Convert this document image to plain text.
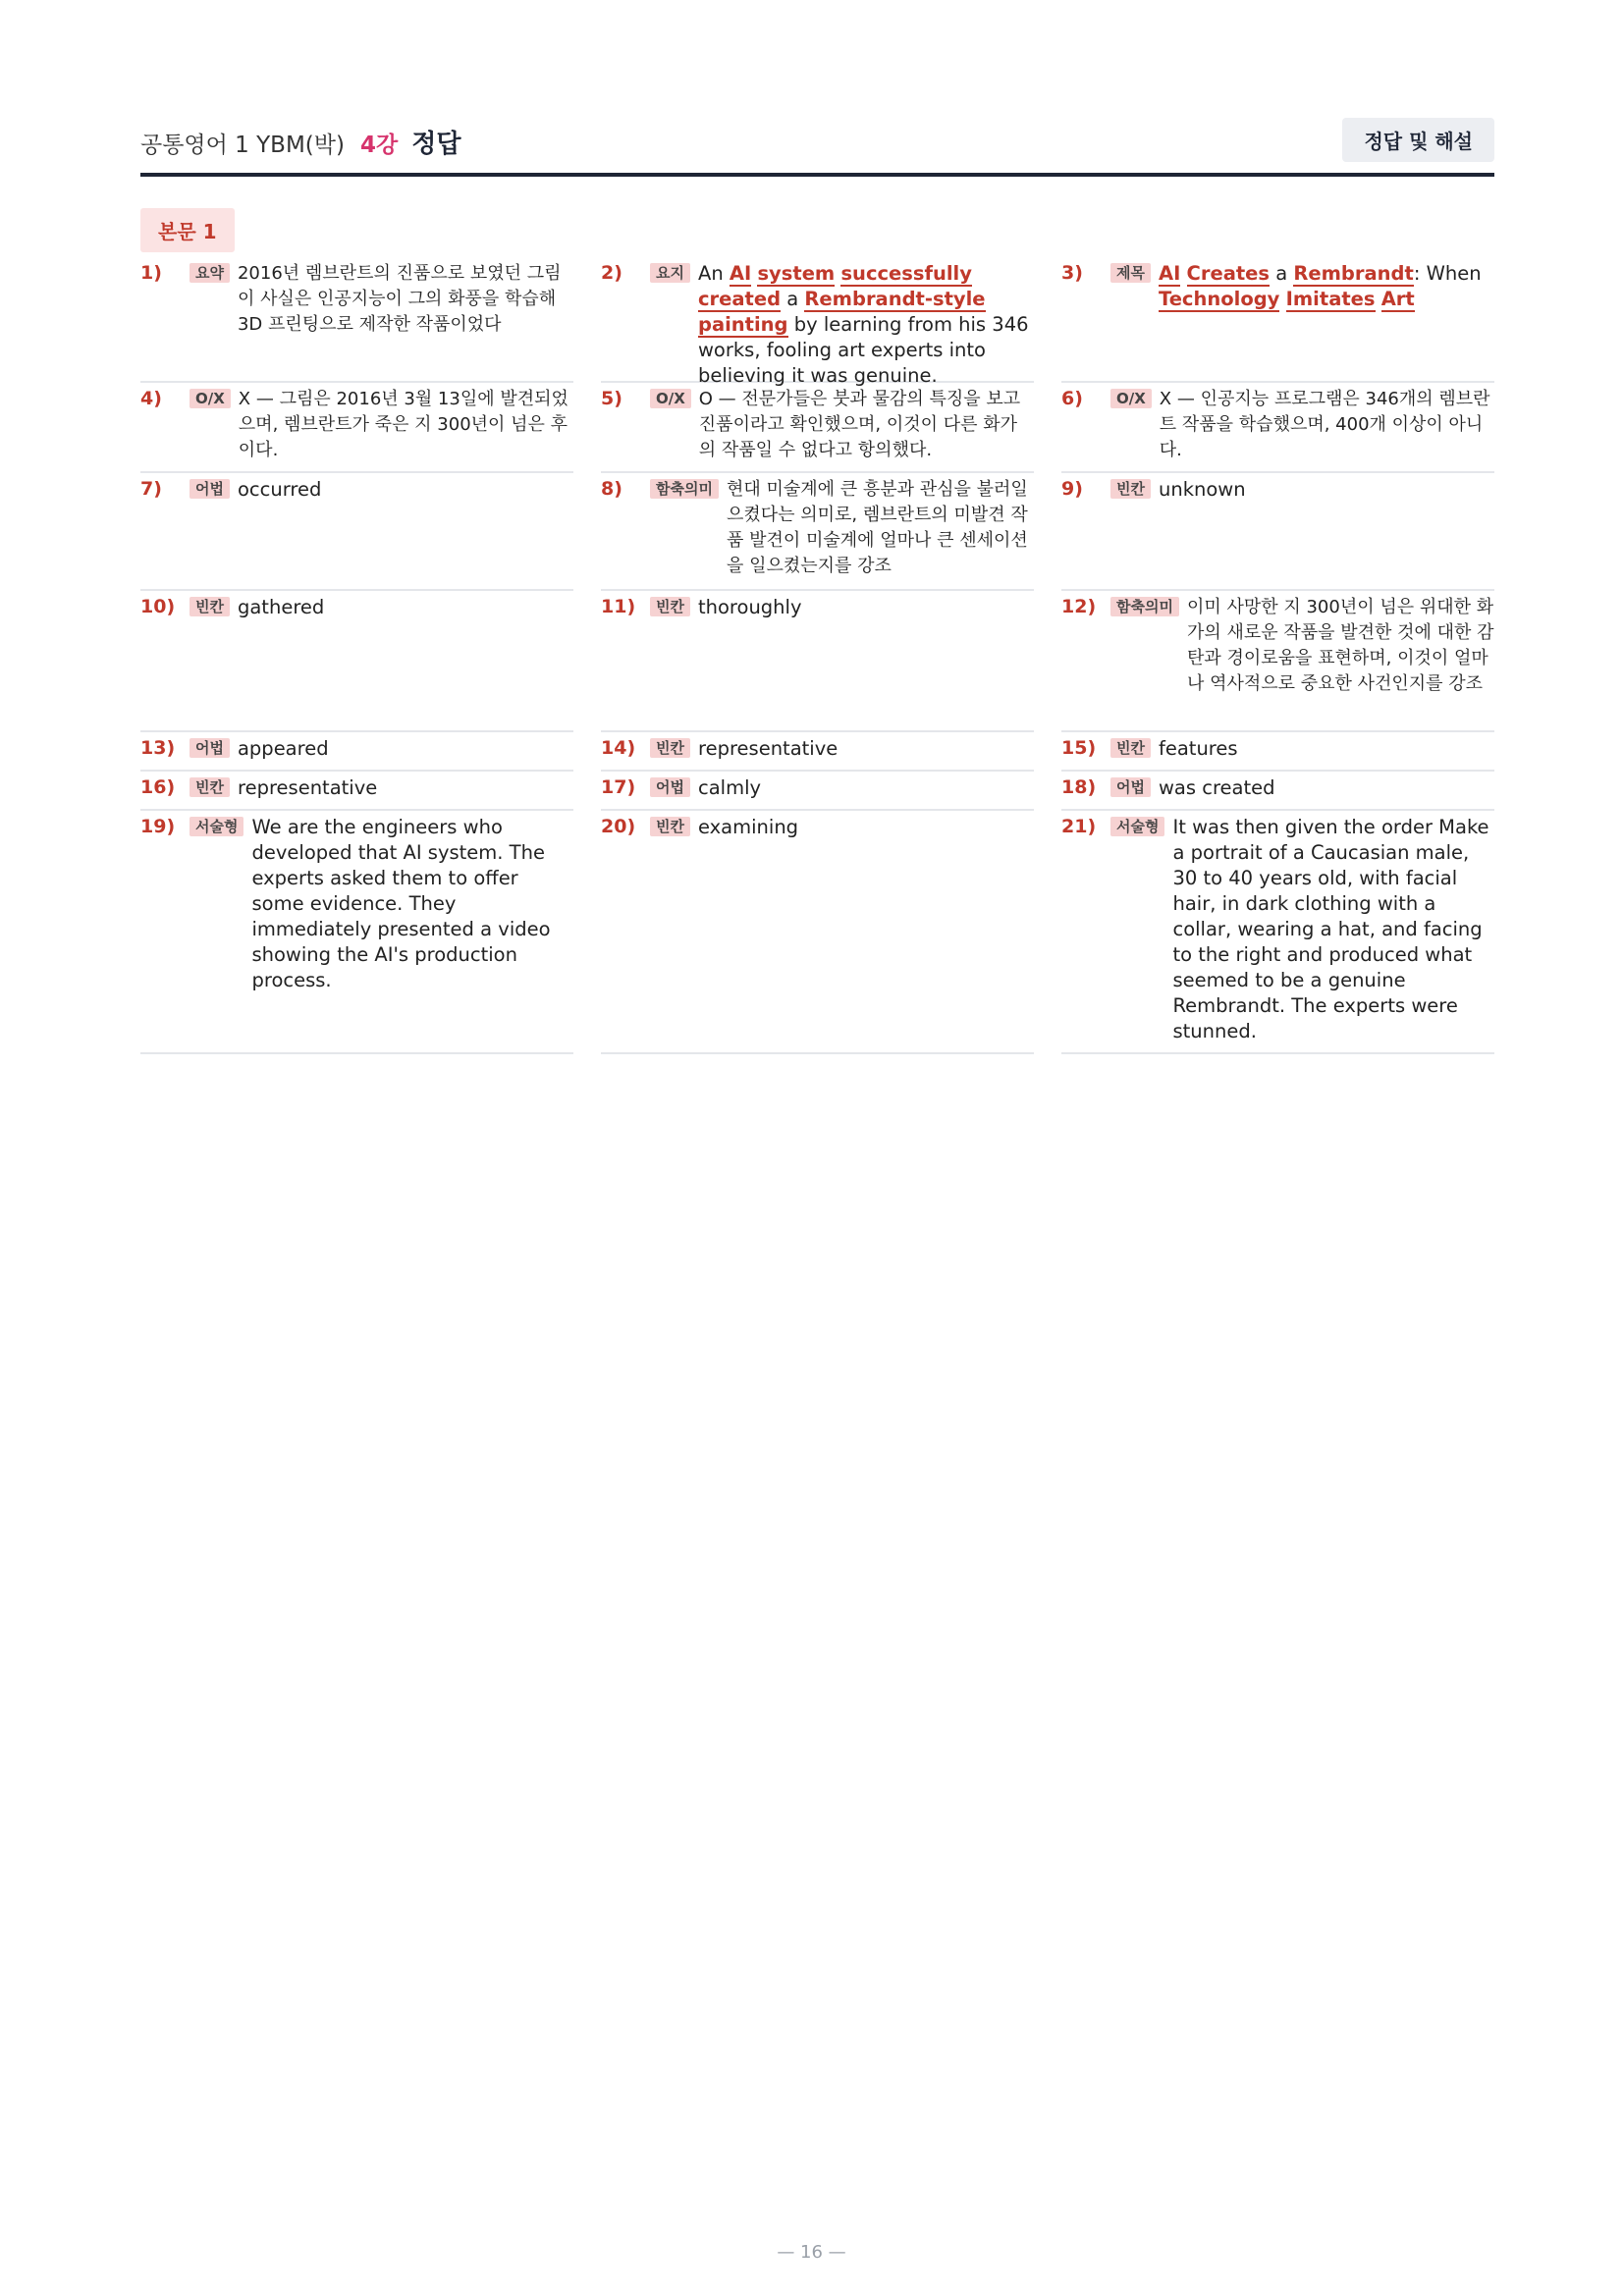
공통영어 1 YBM(박) 4강 정답	정답 및 해설
본문 1
1)	요약 2016년 렘브란트의 진품으로 보였던 그림이 사실은 인공지능이 그의 화풍을 학습해 3D 프린팅으로 제작한 작품이었다
2)	요지 An AI system successfully created a Rembrandt-style painting by learning from his 346 works, fooling art experts into believing it was genuine.
3)	제목 AI Creates a Rembrandt: When Technology Imitates Art
4)	O/X X — 그림은 2016년 3월 13일에 발견되었으며, 렘브란트가 죽은 지 300년이 넘은 후이다.
5)	O/X O — 전문가들은 붓과 물감의 특징을 보고 진품이라고 확인했으며, 이것이 다른 화가의 작품일 수 없다고 항의했다.
6)	O/X X — 인공지능 프로그램은 346개의 렘브란트 작품을 학습했으며, 400개 이상이 아니다.
7)	어법 occurred	8)	함축의미 현대 미술계에 큰 흥분과 관심을 불러일으켰다는 의미로, 렘브란트의 미발견 작품 발견이 미술계에 얼마나 큰 센세이션을 일으켰는지를 강조
9)	빈칸 unknown
10)	빈칸 gathered	11)	빈칸 thoroughly	12)	함축의미 이미 사망한 지 300년이 넘은 위대한 화가의 새로운 작품을 발견한 것에 대한 감탄과 경이로움을 표현하며, 이것이 얼마나 역사적으로 중요한 사건인지를 강조
13)	어법 appeared	14)	빈칸 representative	15)	빈칸 features
16)	빈칸 representative	17)	어법 calmly	18)	어법 was created
19)	서술형 We are the engineers who developed that AI system. The experts asked them to offer some evidence. They immediately presented a video showing the AI's production process.
20)	빈칸 examining	21)	서술형 It was then given the order Make a portrait of a Caucasian male, 30 to 40 years old, with facial hair, in dark clothing with a collar, wearing a hat, and facing to the right and produced what seemed to be a genuine Rembrandt. The experts were stunned.
— 16 —
